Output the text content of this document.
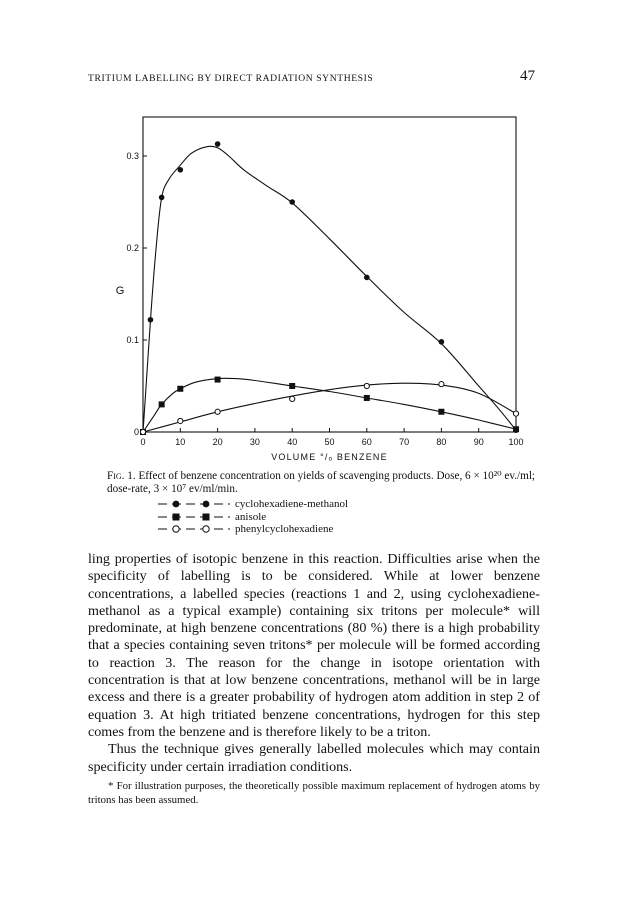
TRITIUM LABELLING BY DIRECT RADIATION SYNTHESIS	47
0	10	20	30	40	50	60	70	80	90	100
0
0.1
0.2
0.3
VOLUME °/ₒ BENZENE
G
Fig. 1. Effect of benzene concentration on yields of scavenging products. Dose, 6 × 10²⁰ ev./ml; dose-rate, 3 × 10⁷ ev/ml/min.
cyclohexadiene-methanol
anisole
phenylcyclohexadiene

ling properties of isotopic benzene in this reaction. Difficulties arise when the specificity of labelling is to be considered. While at lower benzene concentrations, a labelled species (reactions 1 and 2, using cyclohexadiene-methanol as a typical example) containing six tritons per molecule* will predominate, at high benzene concentrations (80 %) there is a high probability that a species containing seven tritons* per molecule will be formed according to reaction 3. The reason for the change in isotope orientation with concentration is that at low benzene concentrations, methanol will be in large excess and there is a greater probability of hydrogen atom addition in step 2 of equation 3. At high tritiated benzene concentrations, hydrogen for this step comes from the benzene and is therefore likely to be a triton.

Thus the technique gives generally labelled molecules which may contain specificity under certain irradiation conditions.

* For illustration purposes, the theoretically possible maximum replacement of hydrogen atoms by tritons has been assumed.
